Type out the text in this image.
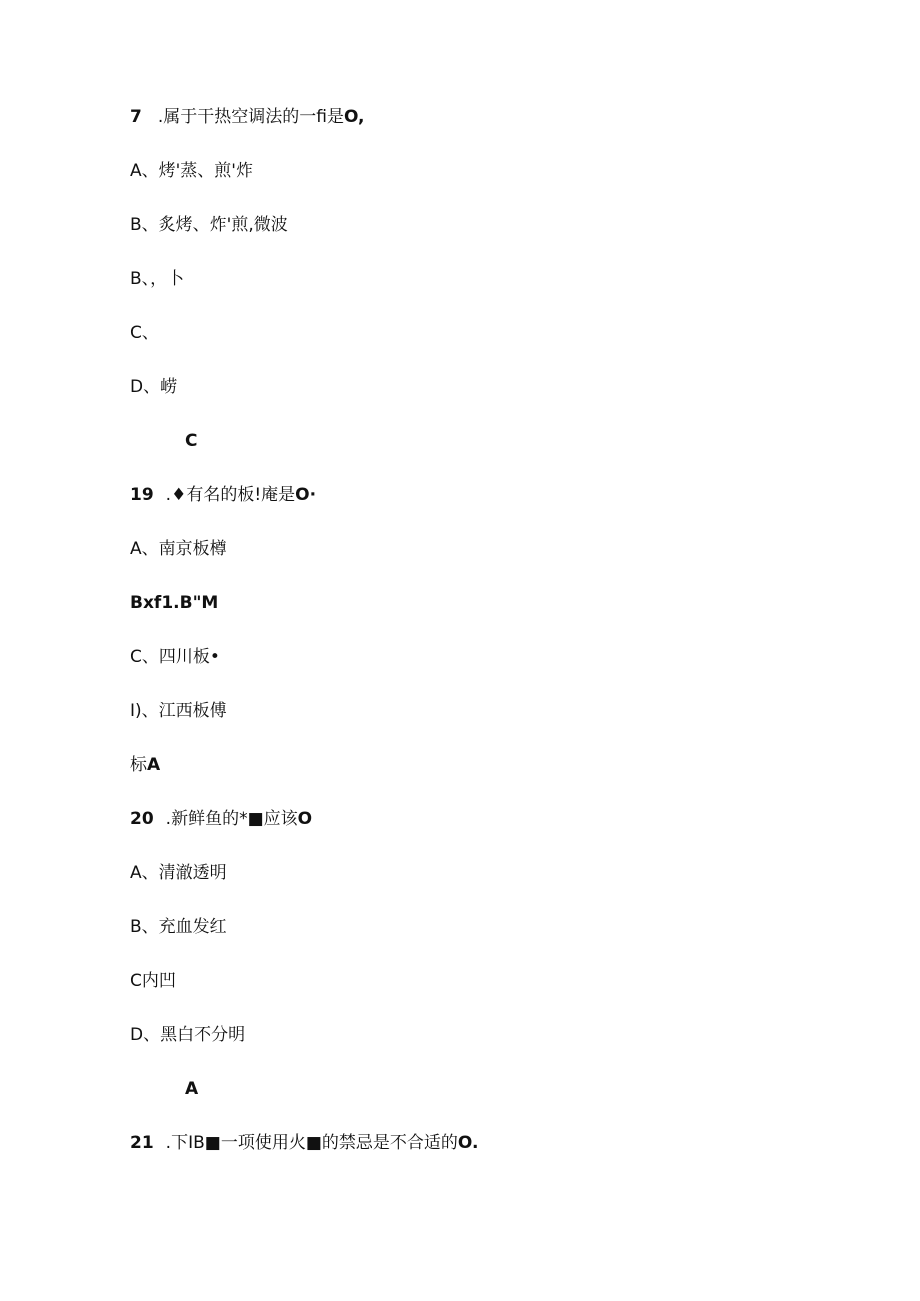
7 .属于干热空调法的一fi是O,
A、烤'蒸、煎'炸
B、炙烤、炸'煎,微波
B、，卜
C、
D、崂
C
19 .♦有名的板!庵是O·
A、南京板樽
Bxf1.B"M
C、四川板•
I)、江西板傅
标A
20 .新鲜鱼的*■应该O
A、清澈透明
B、充血发红
C内凹
D、黑白不分明
A
21 .下IB■一项使用火■的禁忌是不合适的O.
